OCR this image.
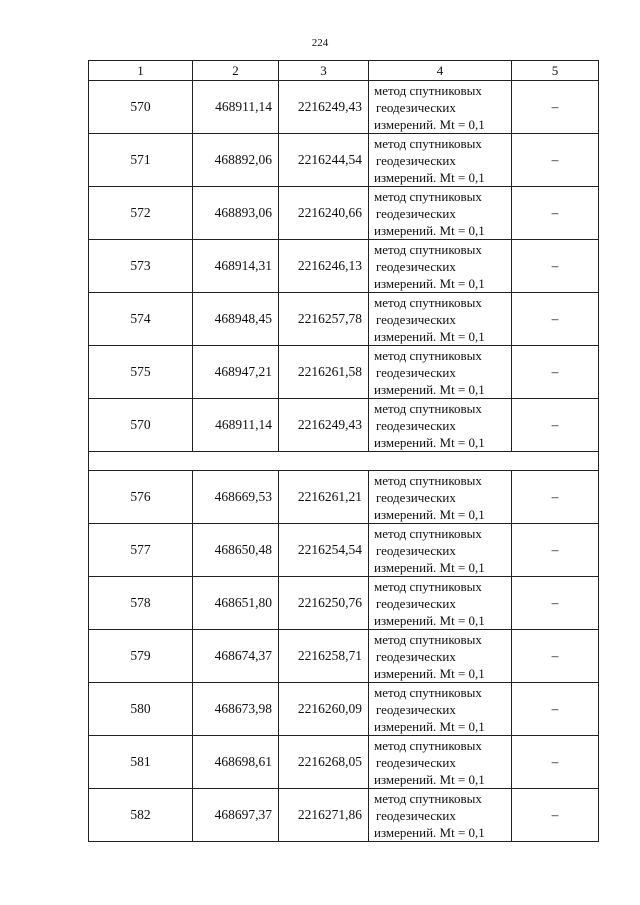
224
1	2	3	4	5
570	468911,14	2216249,43	метод спутниковых
геодезических
измерений. Mt = 0,1	–
571	468892,06	2216244,54	метод спутниковых
геодезических
измерений. Mt = 0,1	–
572	468893,06	2216240,66	метод спутниковых
геодезических
измерений. Mt = 0,1	–
573	468914,31	2216246,13	метод спутниковых
геодезических
измерений. Mt = 0,1	–
574	468948,45	2216257,78	метод спутниковых
геодезических
измерений. Mt = 0,1	–
575	468947,21	2216261,58	метод спутниковых
геодезических
измерений. Mt = 0,1	–
570	468911,14	2216249,43	метод спутниковых
геодезических
измерений. Mt = 0,1	–

576	468669,53	2216261,21	метод спутниковых
геодезических
измерений. Mt = 0,1	–
577	468650,48	2216254,54	метод спутниковых
геодезических
измерений. Mt = 0,1	–
578	468651,80	2216250,76	метод спутниковых
геодезических
измерений. Mt = 0,1	–
579	468674,37	2216258,71	метод спутниковых
геодезических
измерений. Mt = 0,1	–
580	468673,98	2216260,09	метод спутниковых
геодезических
измерений. Mt = 0,1	–
581	468698,61	2216268,05	метод спутниковых
геодезических
измерений. Mt = 0,1	–
582	468697,37	2216271,86	метод спутниковых
геодезических
измерений. Mt = 0,1	–
